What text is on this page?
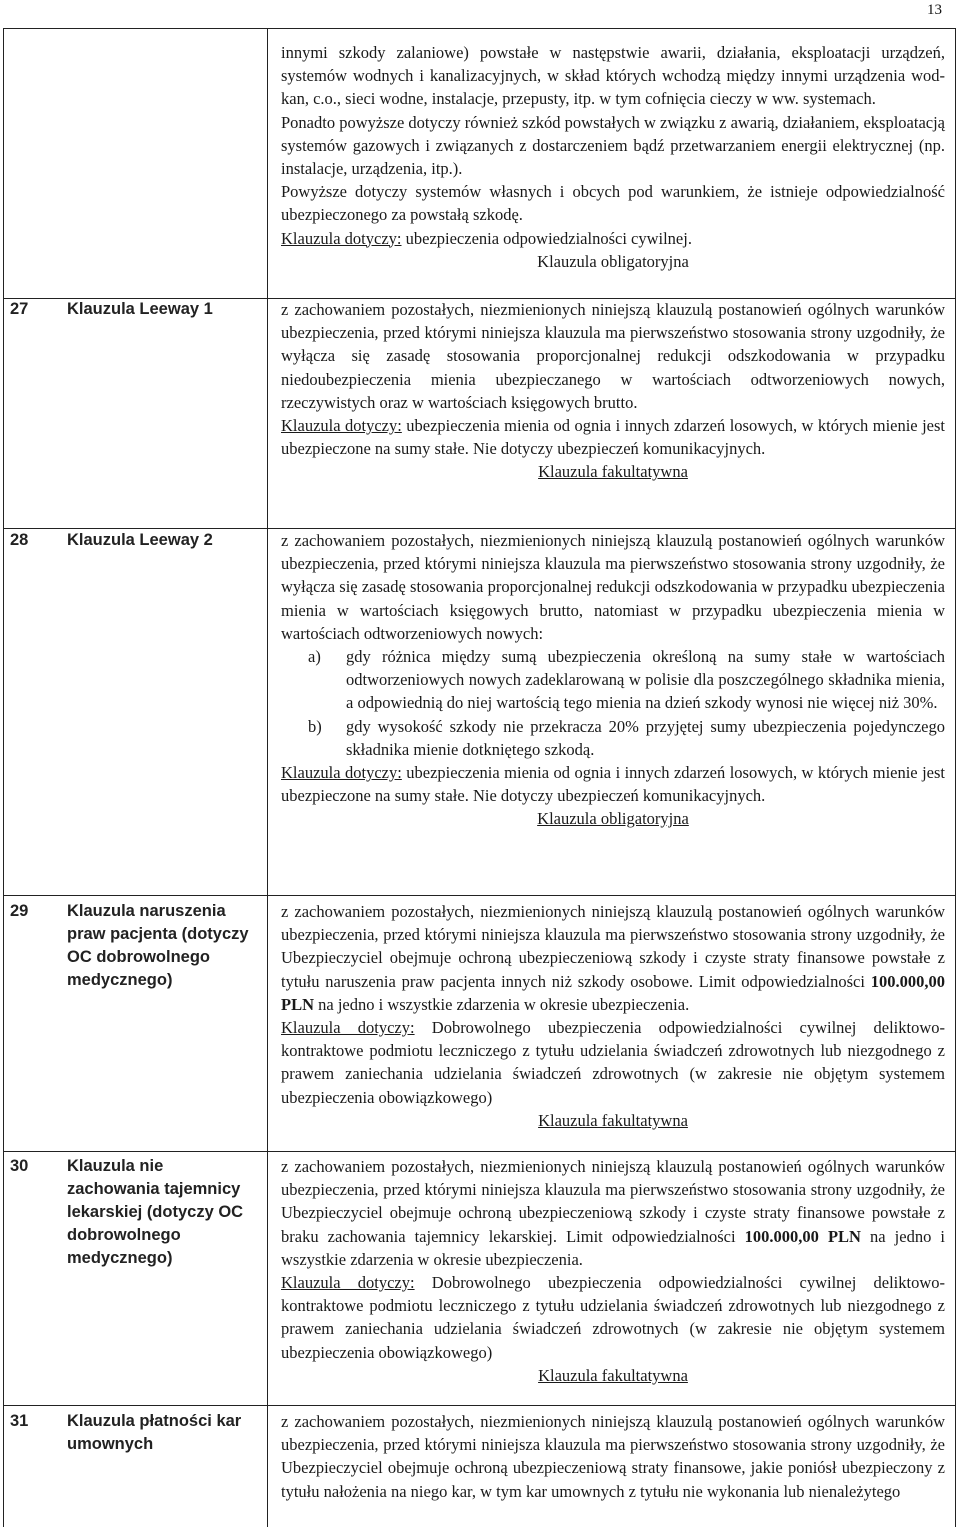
13

innymi szkody zalaniowe) powstałe w następstwie awarii, działania, eksploatacji urządzeń, systemów wodnych i kanalizacyjnych, w skład których wchodzą między innymi urządzenia wod-kan, c.o., sieci wodne, instalacje, przepusty, itp. w tym cofnięcia cieczy w ww. systemach.

Ponadto powyższe dotyczy również szkód powstałych w związku z awarią, działaniem, eksploatacją systemów gazowych i związanych z dostarczeniem bądź przetwarzaniem energii elektrycznej (np. instalacje, urządzenia, itp.).

Powyższe dotyczy systemów własnych i obcych pod warunkiem, że istnieje odpowiedzialność ubezpieczonego za powstałą szkodę.

Klauzula dotyczy: ubezpieczenia odpowiedzialności cywilnej.

Klauzula obligatoryjna

27 Klauzula Leeway 1	z zachowaniem pozostałych, niezmienionych niniejszą klauzulą postanowień ogólnych warunków ubezpieczenia, przed którymi niniejsza klauzula ma pierwszeństwo stosowania strony uzgodniły, że wyłącza się zasadę stosowania proporcjonalnej redukcji odszkodowania w przypadku niedoubezpieczenia mienia ubezpieczanego w wartościach odtworzeniowych nowych, rzeczywistych oraz w wartościach księgowych brutto.

Klauzula dotyczy: ubezpieczenia mienia od ognia i innych zdarzeń losowych, w których mienie jest ubezpieczone na sumy stałe. Nie dotyczy ubezpieczeń komunikacyjnych.

Klauzula fakultatywna

28 Klauzula Leeway 2	z zachowaniem pozostałych, niezmienionych niniejszą klauzulą postanowień ogólnych warunków ubezpieczenia, przed którymi niniejsza klauzula ma pierwszeństwo stosowania strony uzgodniły, że wyłącza się zasadę stosowania proporcjonalnej redukcji odszkodowania w przypadku ubezpieczenia mienia w wartościach księgowych brutto, natomiast w przypadku ubezpieczenia mienia w wartościach odtworzeniowych nowych:

a) gdy różnica między sumą ubezpieczenia określoną na sumy stałe w wartościach odtworzeniowych nowych zadeklarowaną w polisie dla poszczególnego składnika mienia, a odpowiednią do niej wartością tego mienia na dzień szkody wynosi nie więcej niż 30%.
b) gdy wysokość szkody nie przekracza 20% przyjętej sumy ubezpieczenia pojedynczego składnika mienie dotkniętego szkodą.

Klauzula dotyczy: ubezpieczenia mienia od ognia i innych zdarzeń losowych, w których mienie jest ubezpieczone na sumy stałe. Nie dotyczy ubezpieczeń komunikacyjnych.

Klauzula obligatoryjna

29 Klauzula naruszenia praw pacjenta (dotyczy OC dobrowolnego medycznego)

z zachowaniem pozostałych, niezmienionych niniejszą klauzulą postanowień ogólnych warunków ubezpieczenia, przed którymi niniejsza klauzula ma pierwszeństwo stosowania strony uzgodniły, że Ubezpieczyciel obejmuje ochroną ubezpieczeniową szkody i czyste straty finansowe powstałe z tytułu naruszenia praw pacjenta innych niż szkody osobowe. Limit odpowiedzialności 100.000,00 PLN na jedno i wszystkie zdarzenia w okresie ubezpieczenia.

Klauzula dotyczy: Dobrowolnego ubezpieczenia odpowiedzialności cywilnej deliktowo-kontraktowe podmiotu leczniczego z tytułu udzielania świadczeń zdrowotnych lub niezgodnego z prawem zaniechania udzielania świadczeń zdrowotnych (w zakresie nie objętym systemem ubezpieczenia obowiązkowego)

Klauzula fakultatywna

30 Klauzula nie zachowania tajemnicy lekarskiej (dotyczy OC dobrowolnego medycznego)

z zachowaniem pozostałych, niezmienionych niniejszą klauzulą postanowień ogólnych warunków ubezpieczenia, przed którymi niniejsza klauzula ma pierwszeństwo stosowania strony uzgodniły, że Ubezpieczyciel obejmuje ochroną ubezpieczeniową szkody i czyste straty finansowe powstałe z braku zachowania tajemnicy lekarskiej. Limit odpowiedzialności 100.000,00 PLN na jedno i wszystkie zdarzenia w okresie ubezpieczenia.

Klauzula dotyczy: Dobrowolnego ubezpieczenia odpowiedzialności cywilnej deliktowo-kontraktowe podmiotu leczniczego z tytułu udzielania świadczeń zdrowotnych lub niezgodnego z prawem zaniechania udzielania świadczeń zdrowotnych (w zakresie nie objętym systemem ubezpieczenia obowiązkowego)

Klauzula fakultatywna

31 Klauzula płatności kar umownych

z zachowaniem pozostałych, niezmienionych niniejszą klauzulą postanowień ogólnych warunków ubezpieczenia, przed którymi niniejsza klauzula ma pierwszeństwo stosowania strony uzgodniły, że Ubezpieczyciel obejmuje ochroną ubezpieczeniową straty finansowe, jakie poniósł ubezpieczony z tytułu nałożenia na niego kar, w tym kar umownych z tytułu nie wykonania lub nienależytego
